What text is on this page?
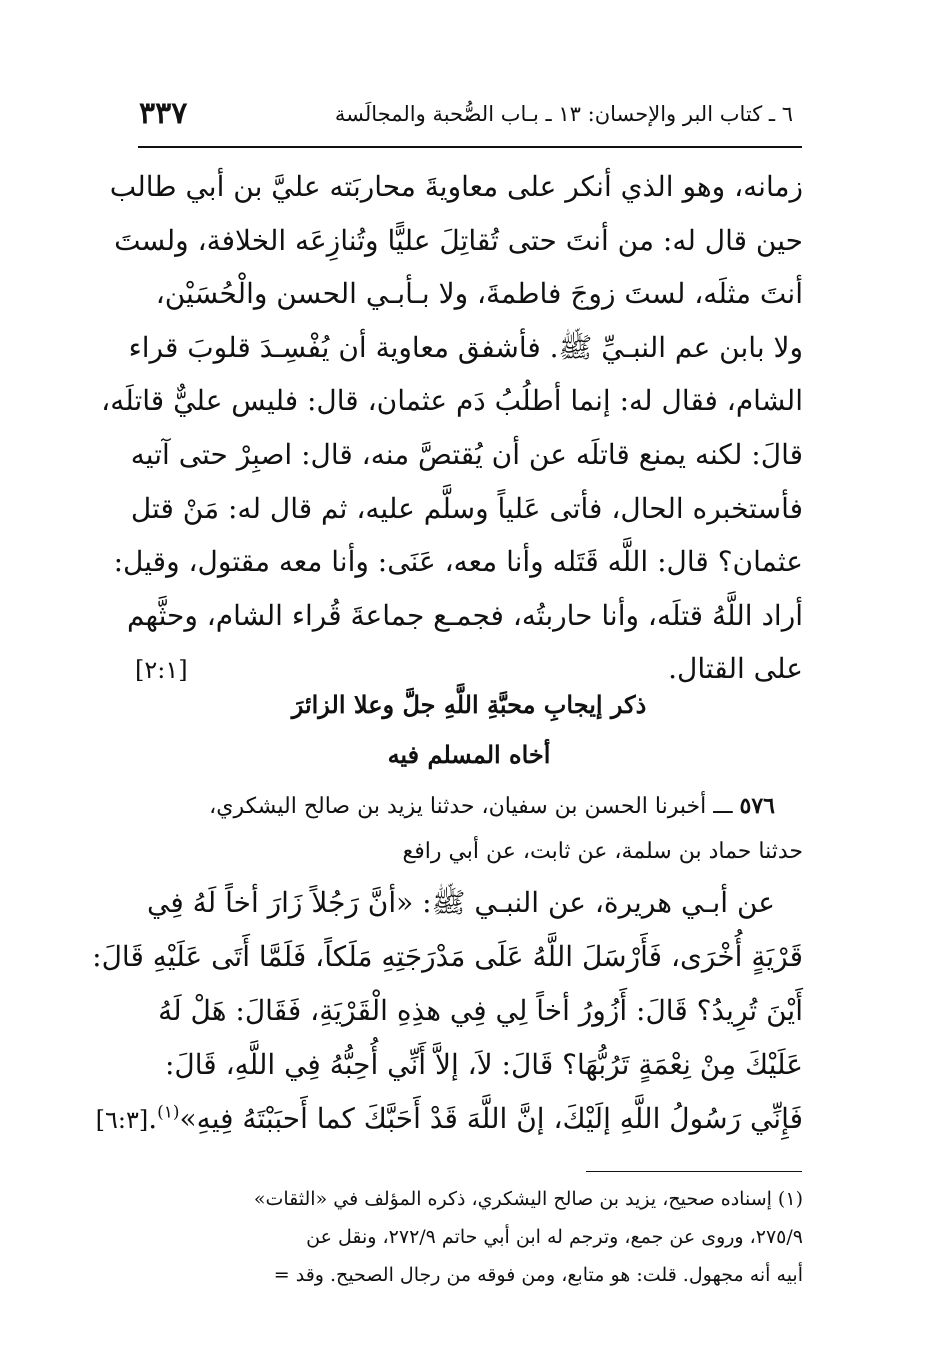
٣٣٧	٦ ـ كتاب البر والإحسان: ١٣ ـ بـاب الصُّحبة والمجالَسة

زمانه، وهو الذي أنكر على معاويةَ محاربَته عليَّ بن أبي طالب

حين قال له: من أنتَ حتى تُقاتِلَ عليًّا وتُنازِعَه الخلافة، ولستَ

أنتَ مثلَه، لستَ زوجَ فاطمةَ، ولا بـأبـي الحسن والْحُسَيْن،

ولا بابن عم النبـيِّ ﷺ. فأشفق معاوية أن يُفْسِـدَ قلوبَ قراء

الشام، فقال له: إنما أطلُبُ دَم عثمان، قال: فليس عليٌّ قاتلَه،

قالَ: لكنه يمنع قاتلَه عن أن يُقتصَّ منه، قال: اصبِرْ حتى آتيه

فأستخبره الحال، فأتى عَلياً وسلَّم عليه، ثم قال له: مَنْ قتل

عثمان؟ قال: اللَّه قَتَله وأنا معه، عَنَى: وأنا معه مقتول، وقيل:

أراد اللَّهُ قتلَه، وأنا حاربتُه، فجمـع جماعةَ قُراء الشام، وحثَّهم

على القتال.
[٢:١]

ذكر إيجابِ محبَّةِ اللَّهِ جلَّ وعلا الزائرَ
أخاه المسلم فيه

٥٧٦
ـــ
أخبرنا الحسن بن سفيان، حدثنا يزيد بن صالح اليشكري،

حدثنا حماد بن سلمة، عن ثابت، عن أبي رافع

عن أبـي هريرة، عن النبـي ﷺ: «أنَّ رَجُلاً زَارَ أخاً لَهُ فِي

قَرْيَةٍ أُخْرَى، فَأَرْسَلَ اللَّهُ عَلَى مَدْرَجَتِهِ مَلَكاً، فَلَمَّا أَتَى عَلَيْهِ قَالَ:

أَيْنَ تُرِيدُ؟ قَالَ: أَزُورُ أخاً لِي فِي هذِهِ الْقَرْيَةِ، فَقَالَ: هَلْ لَهُ

عَلَيْكَ مِنْ نِعْمَةٍ تَرُبُّهَا؟ قَالَ: لاَ، إلاَّ أَنِّي أُحِبُّهُ فِي اللَّهِ، قَالَ:

فَإِنِّي رَسُولُ اللَّهِ إلَيْكَ، إنَّ اللَّهَ قَدْ أَحَبَّكَ كما أَحبَبْتَهُ فِيهِ»$^{(١)}$.
[٦:٣]

(١) إسناده صحيح، يزيد بن صالح اليشكري، ذكره المؤلف في «الثقات»

٢٧٥/٩، وروى عن جمع، وترجم له ابن أبي حاتم ٢٧٢/٩، ونقل عن

أبيه أنه مجهول. قلت: هو متابع، ومن فوقه من رجال الصحيح. وقد =
